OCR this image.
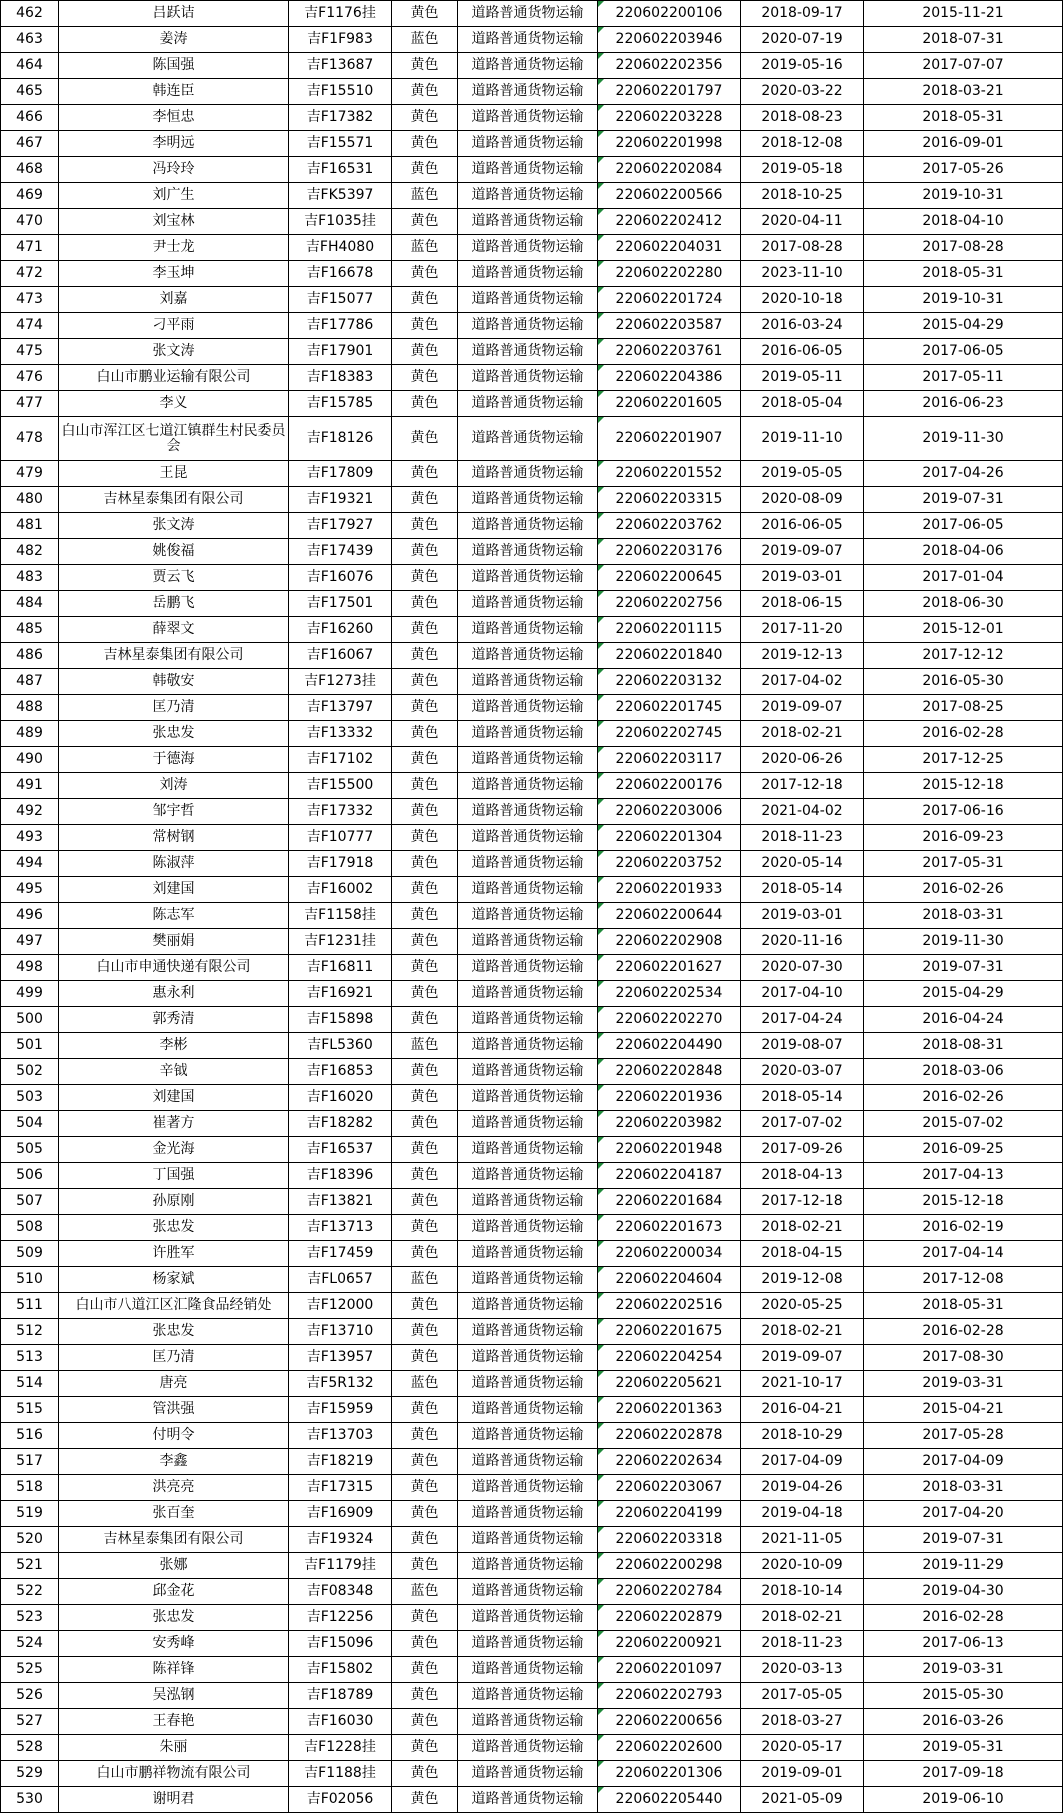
462	吕跃诘	吉F1176挂	黄色	道路普通货物运输	220602200106	2018-09-17	2015-11-21
463	姜涛	吉F1F983	蓝色	道路普通货物运输	220602203946	2020-07-19	2018-07-31
464	陈国强	吉F13687	黄色	道路普通货物运输	220602202356	2019-05-16	2017-07-07
465	韩连臣	吉F15510	黄色	道路普通货物运输	220602201797	2020-03-22	2018-03-21
466	李恒忠	吉F17382	黄色	道路普通货物运输	220602203228	2018-08-23	2018-05-31
467	李明远	吉F15571	黄色	道路普通货物运输	220602201998	2018-12-08	2016-09-01
468	冯玲玲	吉F16531	黄色	道路普通货物运输	220602202084	2019-05-18	2017-05-26
469	刘广生	吉FK5397	蓝色	道路普通货物运输	220602200566	2018-10-25	2019-10-31
470	刘宝林	吉F1035挂	黄色	道路普通货物运输	220602202412	2020-04-11	2018-04-10
471	尹士龙	吉FH4080	蓝色	道路普通货物运输	220602204031	2017-08-28	2017-08-28
472	李玉坤	吉F16678	黄色	道路普通货物运输	220602202280	2023-11-10	2018-05-31
473	刘嘉	吉F15077	黄色	道路普通货物运输	220602201724	2020-10-18	2019-10-31
474	刁平雨	吉F17786	黄色	道路普通货物运输	220602203587	2016-03-24	2015-04-29
475	张文涛	吉F17901	黄色	道路普通货物运输	220602203761	2016-06-05	2017-06-05
476	白山市鹏业运输有限公司	吉F18383	黄色	道路普通货物运输	220602204386	2019-05-11	2017-05-11
477	李义	吉F15785	黄色	道路普通货物运输	220602201605	2018-05-04	2016-06-23
478	白山市浑江区七道江镇群生村民委员会	吉F18126	黄色	道路普通货物运输	220602201907	2019-11-10	2019-11-30
479	王昆	吉F17809	黄色	道路普通货物运输	220602201552	2019-05-05	2017-04-26
480	吉林星泰集团有限公司	吉F19321	黄色	道路普通货物运输	220602203315	2020-08-09	2019-07-31
481	张文涛	吉F17927	黄色	道路普通货物运输	220602203762	2016-06-05	2017-06-05
482	姚俊福	吉F17439	黄色	道路普通货物运输	220602203176	2019-09-07	2018-04-06
483	贾云飞	吉F16076	黄色	道路普通货物运输	220602200645	2019-03-01	2017-01-04
484	岳鹏飞	吉F17501	黄色	道路普通货物运输	220602202756	2018-06-15	2018-06-30
485	薛翠文	吉F16260	黄色	道路普通货物运输	220602201115	2017-11-20	2015-12-01
486	吉林星泰集团有限公司	吉F16067	黄色	道路普通货物运输	220602201840	2019-12-13	2017-12-12
487	韩敬安	吉F1273挂	黄色	道路普通货物运输	220602203132	2017-04-02	2016-05-30
488	匡乃清	吉F13797	黄色	道路普通货物运输	220602201745	2019-09-07	2017-08-25
489	张忠发	吉F13332	黄色	道路普通货物运输	220602202745	2018-02-21	2016-02-28
490	于德海	吉F17102	黄色	道路普通货物运输	220602203117	2020-06-26	2017-12-25
491	刘涛	吉F15500	黄色	道路普通货物运输	220602200176	2017-12-18	2015-12-18
492	邹宇哲	吉F17332	黄色	道路普通货物运输	220602203006	2021-04-02	2017-06-16
493	常树钢	吉F10777	黄色	道路普通货物运输	220602201304	2018-11-23	2016-09-23
494	陈淑萍	吉F17918	黄色	道路普通货物运输	220602203752	2020-05-14	2017-05-31
495	刘建国	吉F16002	黄色	道路普通货物运输	220602201933	2018-05-14	2016-02-26
496	陈志军	吉F1158挂	黄色	道路普通货物运输	220602200644	2019-03-01	2018-03-31
497	樊丽娟	吉F1231挂	黄色	道路普通货物运输	220602202908	2020-11-16	2019-11-30
498	白山市申通快递有限公司	吉F16811	黄色	道路普通货物运输	220602201627	2020-07-30	2019-07-31
499	惠永利	吉F16921	黄色	道路普通货物运输	220602202534	2017-04-10	2015-04-29
500	郭秀清	吉F15898	黄色	道路普通货物运输	220602202270	2017-04-24	2016-04-24
501	李彬	吉FL5360	蓝色	道路普通货物运输	220602204490	2019-08-07	2018-08-31
502	辛钺	吉F16853	黄色	道路普通货物运输	220602202848	2020-03-07	2018-03-06
503	刘建国	吉F16020	黄色	道路普通货物运输	220602201936	2018-05-14	2016-02-26
504	崔著方	吉F18282	黄色	道路普通货物运输	220602203982	2017-07-02	2015-07-02
505	金光海	吉F16537	黄色	道路普通货物运输	220602201948	2017-09-26	2016-09-25
506	丁国强	吉F18396	黄色	道路普通货物运输	220602204187	2018-04-13	2017-04-13
507	孙原刚	吉F13821	黄色	道路普通货物运输	220602201684	2017-12-18	2015-12-18
508	张忠发	吉F13713	黄色	道路普通货物运输	220602201673	2018-02-21	2016-02-19
509	许胜军	吉F17459	黄色	道路普通货物运输	220602200034	2018-04-15	2017-04-14
510	杨家斌	吉FL0657	蓝色	道路普通货物运输	220602204604	2019-12-08	2017-12-08
511	白山市八道江区汇隆食品经销处	吉F12000	黄色	道路普通货物运输	220602202516	2020-05-25	2018-05-31
512	张忠发	吉F13710	黄色	道路普通货物运输	220602201675	2018-02-21	2016-02-28
513	匡乃清	吉F13957	黄色	道路普通货物运输	220602204254	2019-09-07	2017-08-30
514	唐亮	吉F5R132	蓝色	道路普通货物运输	220602205621	2021-10-17	2019-03-31
515	管洪强	吉F15959	黄色	道路普通货物运输	220602201363	2016-04-21	2015-04-21
516	付明令	吉F13703	黄色	道路普通货物运输	220602202878	2018-10-29	2017-05-28
517	李鑫	吉F18219	黄色	道路普通货物运输	220602202634	2017-04-09	2017-04-09
518	洪亮亮	吉F17315	黄色	道路普通货物运输	220602203067	2019-04-26	2018-03-31
519	张百奎	吉F16909	黄色	道路普通货物运输	220602204199	2019-04-18	2017-04-20
520	吉林星泰集团有限公司	吉F19324	黄色	道路普通货物运输	220602203318	2021-11-05	2019-07-31
521	张娜	吉F1179挂	黄色	道路普通货物运输	220602200298	2020-10-09	2019-11-29
522	邱金花	吉F08348	蓝色	道路普通货物运输	220602202784	2018-10-14	2019-04-30
523	张忠发	吉F12256	黄色	道路普通货物运输	220602202879	2018-02-21	2016-02-28
524	安秀峰	吉F15096	黄色	道路普通货物运输	220602200921	2018-11-23	2017-06-13
525	陈祥锋	吉F15802	黄色	道路普通货物运输	220602201097	2020-03-13	2019-03-31
526	吴泓钢	吉F18789	黄色	道路普通货物运输	220602202793	2017-05-05	2015-05-30
527	王春艳	吉F16030	黄色	道路普通货物运输	220602200656	2018-03-27	2016-03-26
528	朱丽	吉F1228挂	黄色	道路普通货物运输	220602202600	2020-05-17	2019-05-31
529	白山市鹏祥物流有限公司	吉F1188挂	黄色	道路普通货物运输	220602201306	2019-09-01	2017-09-18
530	谢明君	吉F02056	黄色	道路普通货物运输	220602205440	2021-05-09	2019-06-10
